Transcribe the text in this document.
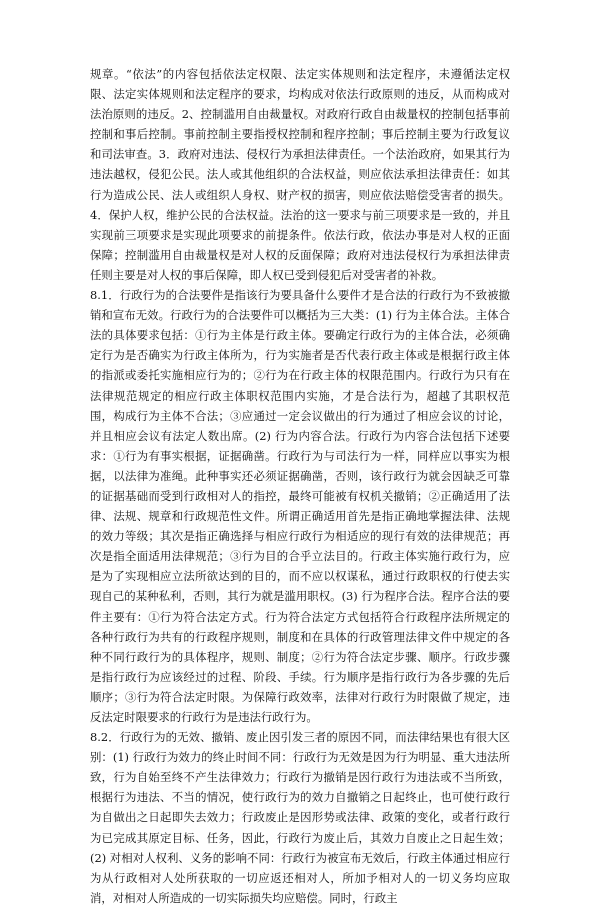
规章。“依法”的内容包括依法定权限、法定实体规则和法定程序，未遵循法定权限、法定实体规则和法定程序的要求，均构成对依法行政原则的违反，从而构成对法治原则的违反。2、控制滥用自由裁量权。对政府行政自由裁量权的控制包括事前控制和事后控制。事前控制主要指授权控制和程序控制；事后控制主要为行政复议和司法审查。3．政府对违法、侵权行为承担法律责任。一个法治政府，如果其行为违法越权，侵犯公民。法人或其他组织的合法权益，则应依法承担法律责任：如其行为造成公民、法人或组织人身权、财产权的损害，则应依法赔偿受害者的损失。4．保护人权，维护公民的合法权益。法治的这一要求与前三项要求是一致的，并且实现前三项要求是实现此项要求的前提条件。依法行政，依法办事是对人权的正面保障；控制滥用自由裁量权是对人权的反面保障；政府对违法侵权行为承担法律责任则主要是对人权的事后保障，即人权已受到侵犯后对受害者的补救。

8.1．行政行为的合法要件是指该行为要具备什么要件才是合法的行政行为不致被撤销和宣布无效。行政行为的合法要件可以概括为三大类：(1) 行为主体合法。主体合法的具体要求包括：①行为主体是行政主体。要确定行政行为的主体合法，必须确定行为是否确实为行政主体所为，行为实施者是否代表行政主体或是根据行政主体的指派或委托实施相应行为的；②行为在行政主体的权限范围内。行政行为只有在法律规范规定的相应行政主体职权范围内实施，才是合法行为，超越了其职权范围，构成行为主体不合法；③应通过一定会议做出的行为通过了相应会议的讨论，并且相应会议有法定人数出席。(2) 行为内容合法。行政行为内容合法包括下述要求：①行为有事实根据，证据确凿。行政行为与司法行为一样，同样应以事实为根据，以法律为准绳。此种事实还必须证据确凿，否则，该行政行为就会因缺乏可靠的证据基础而受到行政相对人的指控，最终可能被有权机关撤销；②正确适用了法律、法规、规章和行政规范性文件。所谓正确适用首先是指正确地掌握法律、法规的效力等级；其次是指正确选择与相应行政行为相适应的现行有效的法律规范；再次是指全面适用法律规范；③行为目的合乎立法目的。行政主体实施行政行为，应是为了实现相应立法所欲达到的目的，而不应以权谋私，通过行政职权的行使去实现自己的某种私利，否则，其行为就是滥用职权。(3) 行为程序合法。程序合法的要件主要有：①行为符合法定方式。行为符合法定方式包括符合行政程序法所规定的各种行政行为共有的行政程序规则，制度和在具体的行政管理法律文件中规定的各种不同行政行为的具体程序，规则、制度；②行为符合法定步骤、顺序。行政步骤是指行政行为应该经过的过程、阶段、手续。行为顺序是指行政行为各步骤的先后顺序；③行为符合法定时限。为保障行政效率，法律对行政行为时限做了规定，违反法定时限要求的行政行为是违法行政行为。

8.2．行政行为的无效、撤销、废止因引发三者的原因不同，而法律结果也有很大区别：(1) 行政行为效力的终止时间不同：行政行为无效是因为行为明显、重大违法所致，行为自始至终不产生法律效力；行政行为撤销是因行政行为违法或不当所致，根据行为违法、不当的情况，使行政行为的效力自撤销之日起终止，也可使行政行为自做出之日起即失去效力；行政废止是因形势或法律、政策的变化，或者行政行为已完成其原定目标、任务，因此，行政行为废止后，其效力自废止之日起生效；(2) 对相对人权利、义务的影响不同：行政行为被宣布无效后，行政主体通过相应行为从行政相对人处所获取的一切应返还相对人，所加予相对人的一切义务均应取消，对相对人所造成的一切实际损失均应赔偿。同时，行政主
